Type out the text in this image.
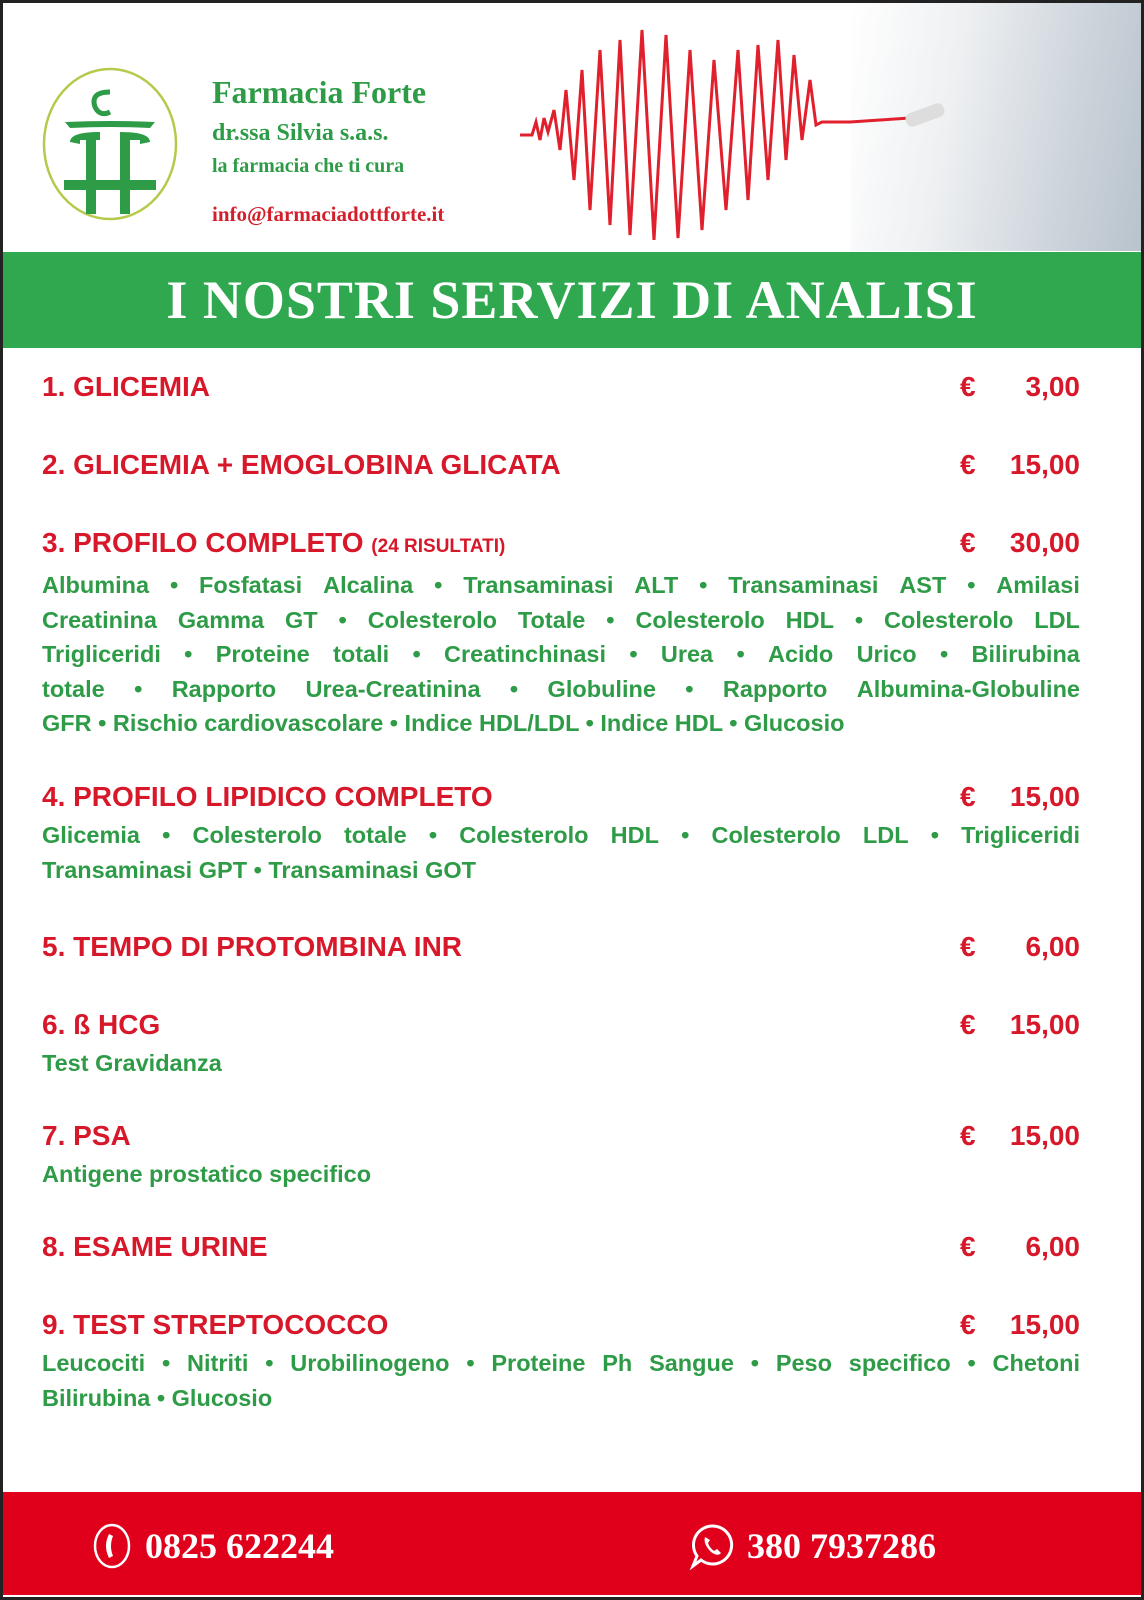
Farmacia Forte
dr.ssa Silvia s.a.s.
la farmacia che ti cura
info@farmaciadottforte.it
I NOSTRI SERVIZI DI ANALISI
1. GLICEMIA	€ 3,00
2. GLICEMIA + EMOGLOBINA GLICATA	€ 15,00
3. PROFILO COMPLETO (24 RISULTATI)	€ 30,00
Albumina • Fosfatasi Alcalina • Transaminasi ALT • Transaminasi AST • Amilasi
Creatinina Gamma GT • Colesterolo Totale • Colesterolo HDL • Colesterolo LDL
Trigliceridi • Proteine totali • Creatinchinasi • Urea • Acido Urico • Bilirubina
totale • Rapporto Urea-Creatinina • Globuline • Rapporto Albumina-Globuline
GFR • Rischio cardiovascolare • Indice HDL/LDL • Indice HDL • Glucosio
4. PROFILO LIPIDICO COMPLETO	€ 15,00
Glicemia • Colesterolo totale • Colesterolo HDL • Colesterolo LDL • Trigliceridi
Transaminasi GPT • Transaminasi GOT
5. TEMPO DI PROTOMBINA INR	€ 6,00
6. ß HCG	€ 15,00
Test Gravidanza
7. PSA	€ 15,00
Antigene prostatico specifico
8. ESAME URINE	€ 6,00
9. TEST STREPTOCOCCO	€ 15,00
Leucociti • Nitriti • Urobilinogeno • Proteine Ph Sangue • Peso specifico • Chetoni
Bilirubina • Glucosio
0825 622244	380 7937286
